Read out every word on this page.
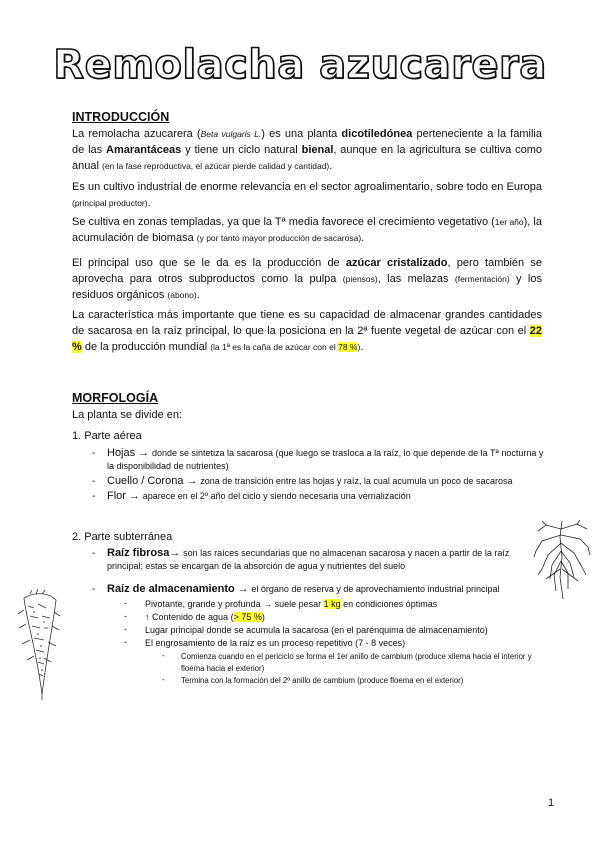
Remolacha azucarera
INTRODUCCIÓN
La remolacha azucarera (Beta vulgaris L.) es una planta dicotiledónea perteneciente a la familia de las Amarantáceas y tiene un ciclo natural bienal, aunque en la agricultura se cultiva como anual (en la fase reproductiva, el azúcar pierde calidad y cantidad).
Es un cultivo industrial de enorme relevancia en el sector agroalimentario, sobre todo en Europa (principal productor).
Se cultiva en zonas templadas, ya que la Tª media favorece el crecimiento vegetativo (1er año), la acumulación de biomasa (y por tanto mayor producción de sacarosa).
El principal uso que se le da es la producción de azúcar cristalizado, pero también se aprovecha para otros subproductos como la pulpa (piensos), las melazas (fermentación) y los residuos orgánicos (abono).
La característica más importante que tiene es su capacidad de almacenar grandes cantidades de sacarosa en la raíz principal, lo que la posiciona en la 2ª fuente vegetal de azúcar con el 22 % de la producción mundial (la 1ª es la caña de azúcar con el 78 %).
MORFOLOGÍA
La planta se divide en:
1. Parte aérea
- Hojas → donde se sintetiza la sacarosa (que luego se trasloca a la raíz, lo que depende de la Tª nocturna y la disponibilidad de nutrientes)
- Cuello / Corona → zona de transición entre las hojas y raíz, la cual acumula un poco de sacarosa
- Flor → aparece en el 2º año del ciclo y siendo necesaria una vernalización
2. Parte subterránea
- Raíz fibrosa→ son las raíces secundarias que no almacenan sacarosa y nacen a partir de la raíz principal; estas se encargan de la absorción de agua y nutrientes del suelo
- Raíz de almacenamiento → el órgano de reserva y de aprovechamiento industrial principal
- Pivotante, grande y profunda → suele pesar 1 kg en condiciones óptimas
- ↑ Contenido de agua (> 75 %)
- Lugar principal donde se acumula la sacarosa (en el parénquima de almacenamiento)
- El engrosamiento de la raíz es un proceso repetitivo (7 - 8 veces)
- Comienza cuando en el periciclo se forma el 1er anillo de cambium (produce xilema hacia el interior y floema hacia el exterior)
- Termina con la formación del 2º anillo de cambium (produce floema en el exterior)
1
